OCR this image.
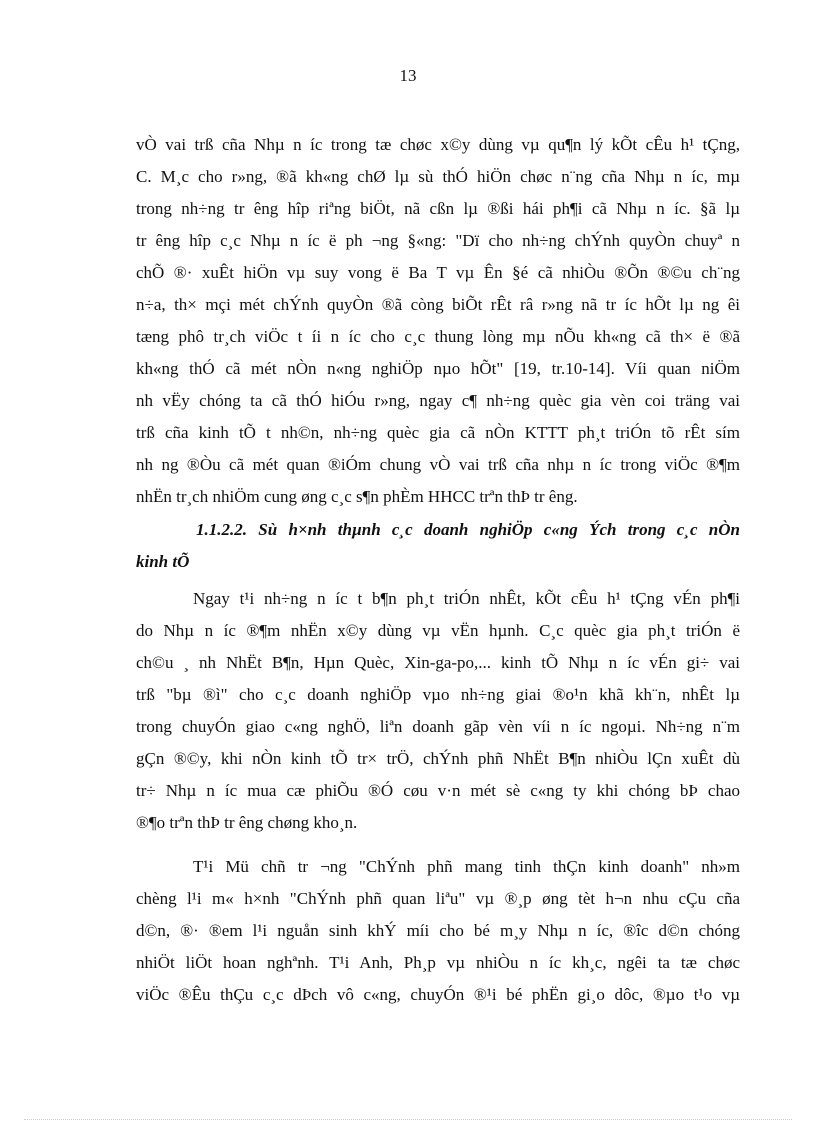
13
vÒ vai trß cña Nhµ n íc trong tæ chøc x©y dùng vµ qu¶n lý kÕt cÊu h¹ tÇng,
C. M¸c cho r»ng, ®ã kh«ng chØ lµ sù thÓ hiÖn chøc n¨ng cña Nhµ n íc, mµ
trong nh÷ng tr êng hîp riªng biÖt, nã cßn lµ ®ßi hái ph¶i cã Nhµ n íc. §ã lµ
tr êng hîp c¸c Nhµ n íc ë ph ¬ng §«ng: "Dï cho nh÷ng chÝnh quyÒn chuyª n
chÕ ®· xuÊt hiÖn vµ suy vong ë Ba T vµ Ên §é cã nhiÒu ®Õn ®©u ch¨ng
n÷a, th× mçi mét chÝnh quyÒn ®ã còng biÕt rÊt râ r»ng nã tr íc hÕt lµ ng êi
tæng phô tr¸ch viÖc t íi n íc cho c¸c thung lòng mµ nÕu kh«ng cã th× ë ®ã
kh«ng thÓ cã mét nÒn n«ng nghiÖp nµo hÕt" [19, tr.10-14]. Víi quan niÖm
nh vËy chóng ta cã thÓ hiÓu r»ng, ngay c¶ nh÷ng quèc gia vèn coi träng vai
trß cña kinh tÕ t nh©n, nh÷ng quèc gia cã nÒn KTTT ph¸t triÓn tõ rÊt sím
nh ng ®Òu cã mét quan ®iÓm chung vÒ vai trß cña nhµ n íc trong viÖc ®¶m
nhËn tr¸ch nhiÖm cung øng c¸c s¶n phÈm HHCC trªn thÞ tr êng.
1.1.2.2. Sù h×nh thµnh c¸c doanh nghiÖp c«ng Ých trong c¸c nÒn
kinh tÕ
Ngay t¹i nh÷ng n íc t b¶n ph¸t triÓn nhÊt, kÕt cÊu h¹ tÇng vÉn ph¶i
do Nhµ n íc ®¶m nhËn x©y dùng vµ vËn hµnh. C¸c quèc gia ph¸t triÓn ë
ch©u ¸ nh NhËt B¶n, Hµn Quèc, Xin-ga-po,... kinh tÕ Nhµ n íc vÉn gi÷ vai
trß "bµ ®ì" cho c¸c doanh nghiÖp vµo nh÷ng giai ®o¹n khã kh¨n, nhÊt lµ
trong chuyÓn giao c«ng nghÖ, liªn doanh gãp vèn víi n íc ngoµi. Nh÷ng n¨m
gÇn ®©y, khi nÒn kinh tÕ tr× trÖ, chÝnh phñ NhËt B¶n nhiÒu lÇn xuÊt dù
tr÷ Nhµ n íc mua cæ phiÕu ®Ó cøu v·n mét sè c«ng ty khi chóng bÞ chao
®¶o trªn thÞ tr êng chøng kho¸n.
T¹i Mü chñ tr ¬ng "ChÝnh phñ mang tinh thÇn kinh doanh" nh»m
chèng l¹i m« h×nh "ChÝnh phñ quan liªu" vµ ®¸p øng tèt h¬n nhu cÇu cña
d©n, ®· ®em l¹i nguån sinh khÝ míi cho bé m¸y Nhµ n íc, ®îc d©n chóng
nhiÖt liÖt hoan nghªnh. T¹i Anh, Ph¸p vµ nhiÒu n íc kh¸c, ngêi ta tæ chøc
viÖc ®Êu thÇu c¸c dÞch vô c«ng, chuyÓn ®¹i bé phËn gi¸o dôc, ®µo t¹o vµ
